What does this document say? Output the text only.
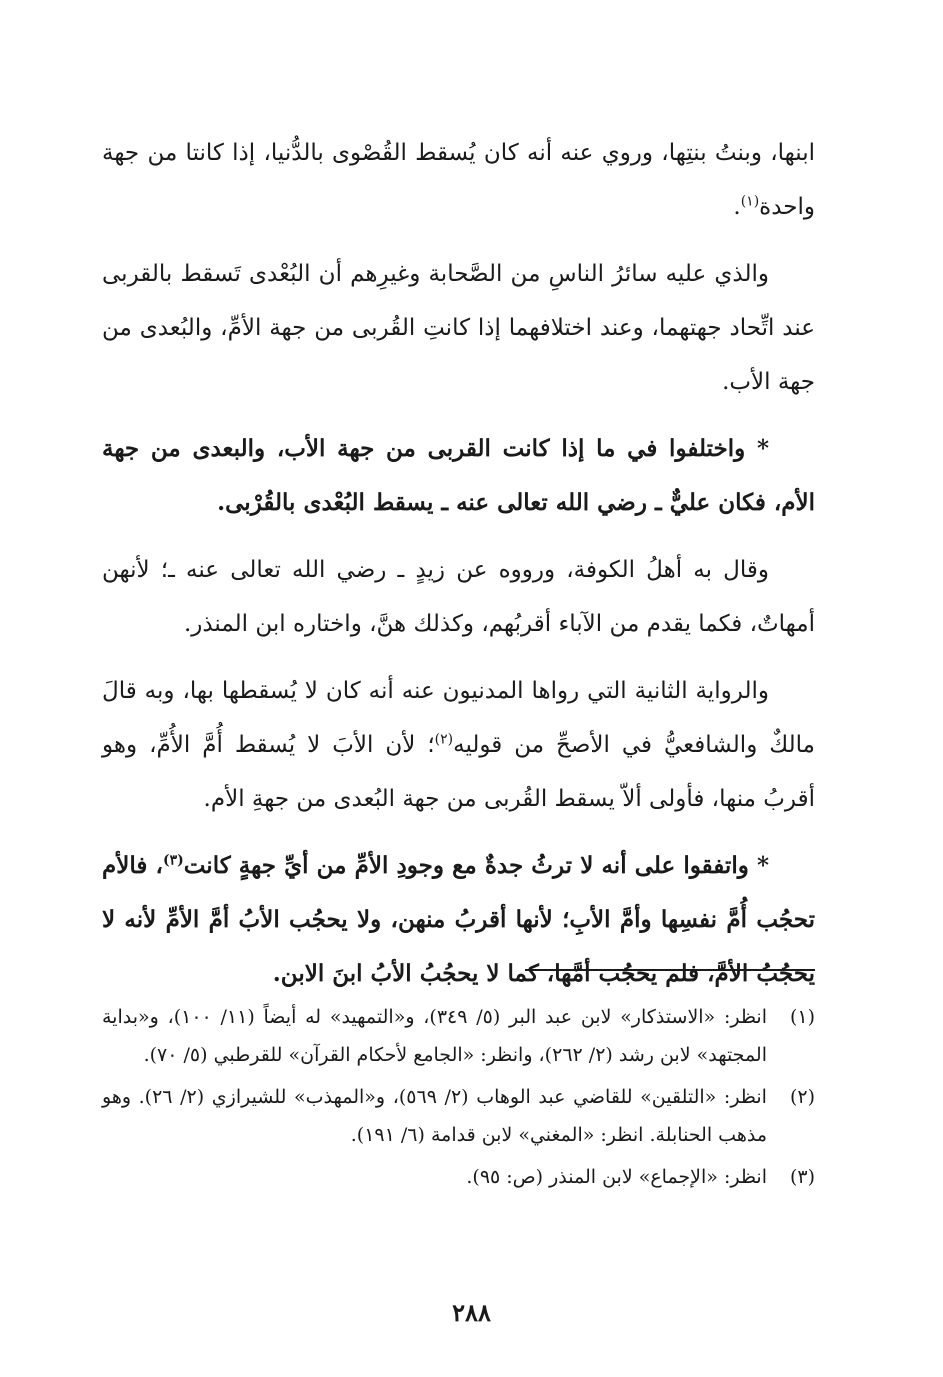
ابنها، وبنتُ بنتِها، وروي عنه أنه كان يُسقط القُصْوى بالدُّنيا، إذا كانتا من جهة واحدة$^{(١)}$.

والذي عليه سائرُ الناسِ من الصَّحابة وغيرِهم أن البُعْدى تَسقط بالقربى عند اتِّحاد جهتهما، وعند اختلافهما إذا كانتِ القُربى من جهة الأمِّ، والبُعدى من جهة الأب.

* واختلفوا في ما إذا كانت القربى من جهة الأب، والبعدى من جهة الأم، فكان عليٌّ ـ رضي الله تعالى عنه ـ يسقط البُعْدى بالقُرْبى.

وقال به أهلُ الكوفة، ورووه عن زيدٍ ـ رضي الله تعالى عنه ـ؛ لأنهن أمهاتٌ، فكما يقدم من الآباء أقربُهم، وكذلك هنَّ، واختاره ابن المنذر.

والرواية الثانية التي رواها المدنيون عنه أنه كان لا يُسقطها بها، وبه قالَ مالكٌ والشافعيُّ في الأصحِّ من قوليه$^{(٢)}$؛ لأن الأبَ لا يُسقط أُمَّ الأُمِّ، وهو أقربُ منها، فأولى ألاّ يسقط القُربى من جهة البُعدى من جهةِ الأم.

* واتفقوا على أنه لا ترثُ جدةٌ مع وجودِ الأمِّ من أيِّ جهةٍ كانت$^{(٣)}$، فالأم تحجُب أُمَّ نفسِها وأمَّ الأبِ؛ لأنها أقربُ منهن، ولا يحجُب الأبُ أمَّ الأمِّ لأنه لا يحجُبُ الأمَّ، فلم يحجُب أمَّها، كما لا يحجُبُ الأبُ ابنَ الابن.

(١)
انظر: «الاستذكار» لابن عبد البر (٥/ ٣٤٩)، و«التمهيد» له أيضاً (١١/ ١٠٠)، و«بداية المجتهد» لابن رشد (٢/ ٢٦٢)، وانظر: «الجامع لأحكام القرآن» للقرطبي (٥/ ٧٠).
(٢)
انظر: «التلقين» للقاضي عبد الوهاب (٢/ ٥٦٩)، و«المهذب» للشيرازي (٢/ ٢٦). وهو مذهب الحنابلة. انظر: «المغني» لابن قدامة (٦/ ١٩١).
(٣)
انظر: «الإجماع» لابن المنذر (ص: ٩٥).
٢٨٨
